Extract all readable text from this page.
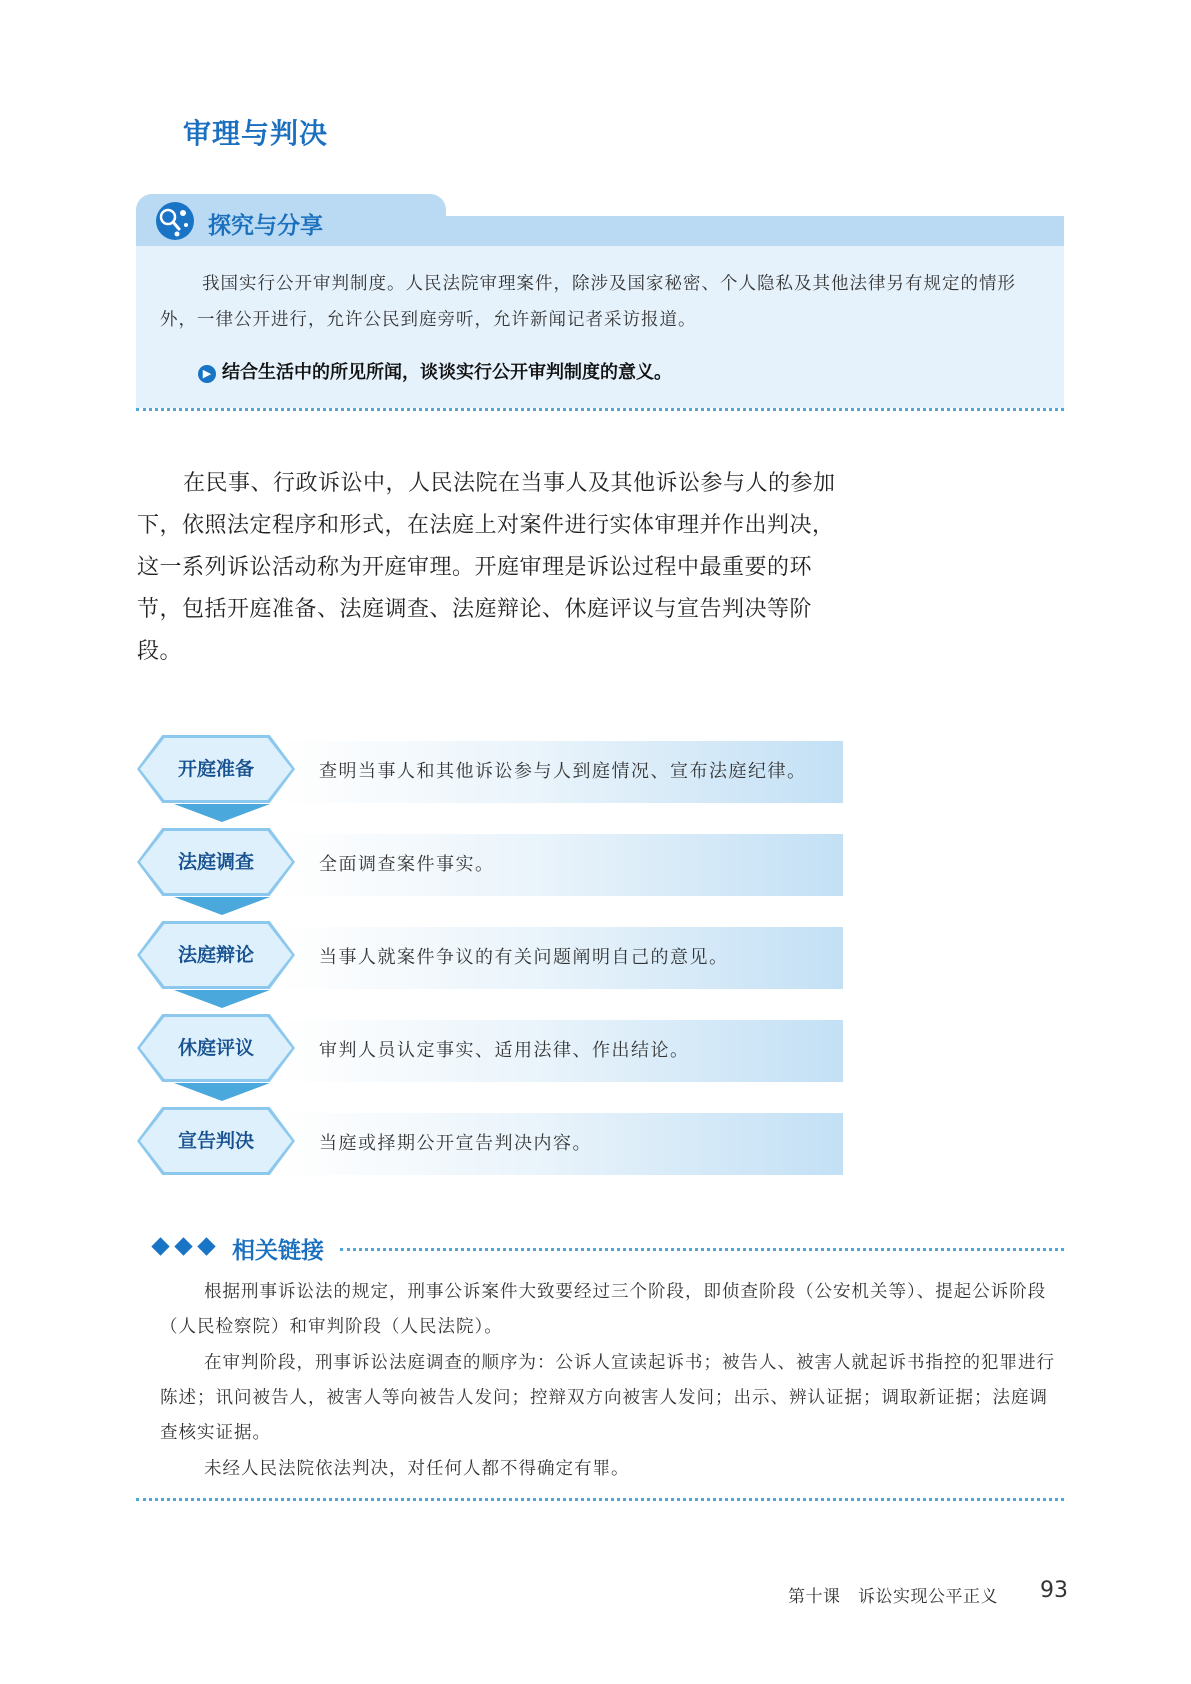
审理与判决
探究与分享
我国实行公开审判制度。人民法院审理案件，除涉及国家秘密、个人隐私及其他法律另有规定的情形外，一律公开进行，允许公民到庭旁听，允许新闻记者采访报道。
▶ 结合生活中的所见所闻，谈谈实行公开审判制度的意义。
在民事、行政诉讼中，人民法院在当事人及其他诉讼参与人的参加下，依照法定程序和形式，在法庭上对案件进行实体审理并作出判决，这一系列诉讼活动称为开庭审理。开庭审理是诉讼过程中最重要的环节，包括开庭准备、法庭调查、法庭辩论、休庭评议与宣告判决等阶段。
查明当事人和其他诉讼参与人到庭情况、宣布法庭纪律。
开庭准备
全面调查案件事实。
法庭调查
当事人就案件争议的有关问题阐明自己的意见。
法庭辩论
审判人员认定事实、适用法律、作出结论。
休庭评议
当庭或择期公开宣告判决内容。
宣告判决
相关链接
根据刑事诉讼法的规定，刑事公诉案件大致要经过三个阶段，即侦查阶段（公安机关等）、提起公诉阶段（人民检察院）和审判阶段（人民法院）。
在审判阶段，刑事诉讼法庭调查的顺序为：公诉人宣读起诉书；被告人、被害人就起诉书指控的犯罪进行陈述；讯问被告人，被害人等向被告人发问；控辩双方向被害人发问；出示、辨认证据；调取新证据；法庭调查核实证据。
未经人民法院依法判决，对任何人都不得确定有罪。
第十课　诉讼实现公平正义 93
